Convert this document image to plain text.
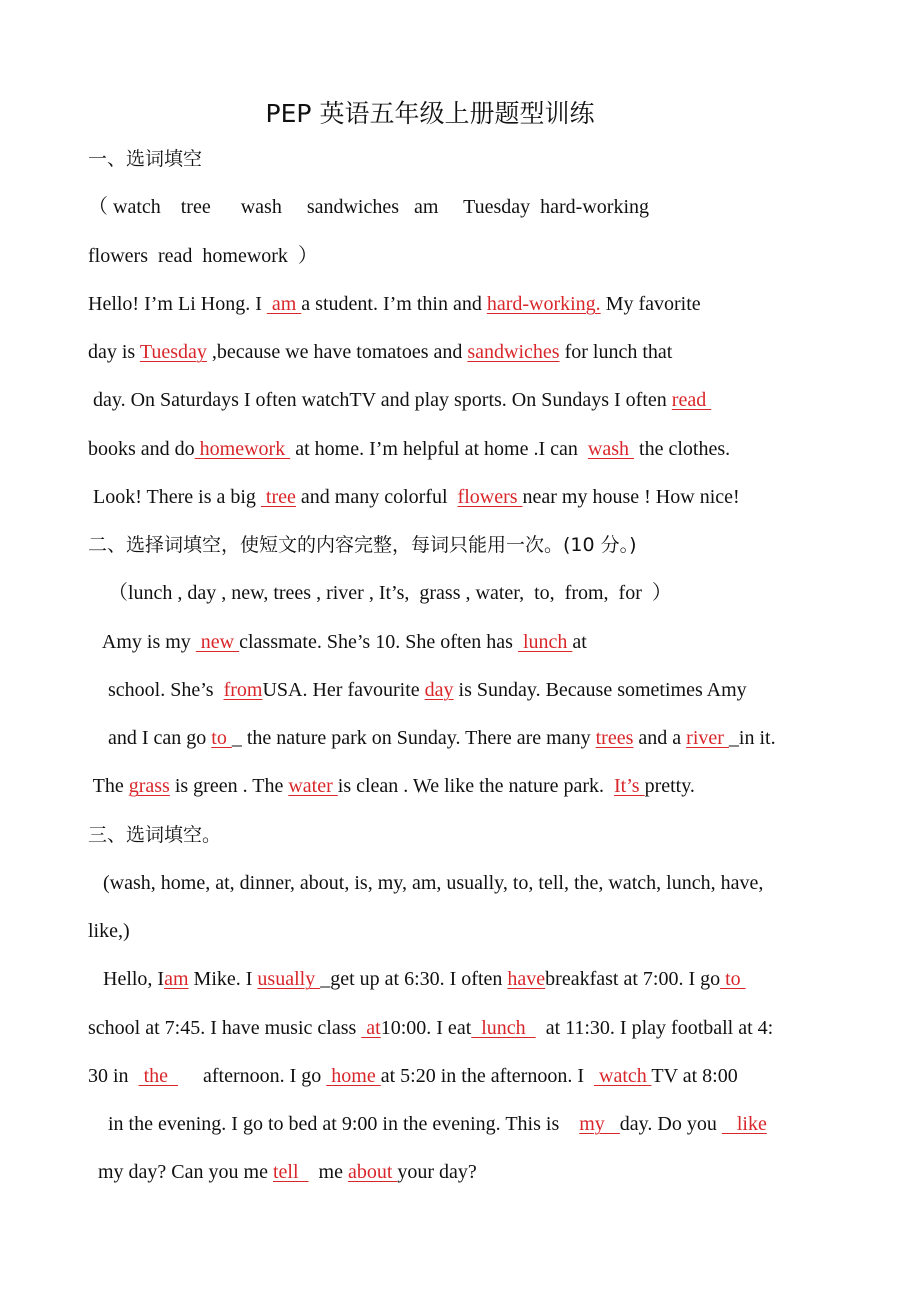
PEP 英语五年级上册题型训练
一、选词填空
（ watch    tree      wash     sandwiches   am     Tuesday  hard-working
flowers  read  homework  ）
Hello! I’m Li Hong. I  am a student. I’m thin and hard-working. My favorite
day is Tuesday ,because we have tomatoes and sandwiches for lunch that
day. On Saturdays I often watchTV and play sports. On Sundays I often read
books and do homework  at home. I’m helpful at home .I can  wash  the clothes.
Look! There is a big  tree and many colorful  flowers near my house ! How nice!
二、选择词填空，使短文的内容完整，每词只能用一次。(10 分。)
（lunch , day , new, trees , river , It’s,  grass , water,  to,  from,  for  ）
Amy is my  new classmate. She’s 10. She often has  lunch at
school. She’s  fromUSA. Her favourite day is Sunday. Because sometimes Amy
and I can go to _ the nature park on Sunday. There are many trees and a river _in it.
The grass is green . The water is clean . We like the nature park.  It’s pretty.
三、选词填空。
(wash, home, at, dinner, about, is, my, am, usually, to, tell, the, watch, lunch, have,
like,)
Hello, Iam Mike. I usually _get up at 6:30. I often havebreakfast at 7:00. I go to
school at 7:45. I have music class  at10:00. I eat  lunch    at 11:30. I play football at 4:
30 in   the       afternoon. I go  home at 5:20 in the afternoon. I   watch TV at 8:00
in the evening. I go to bed at 9:00 in the evening. This is    my   day. Do you    like
my day? Can you me tell    me about your day?
